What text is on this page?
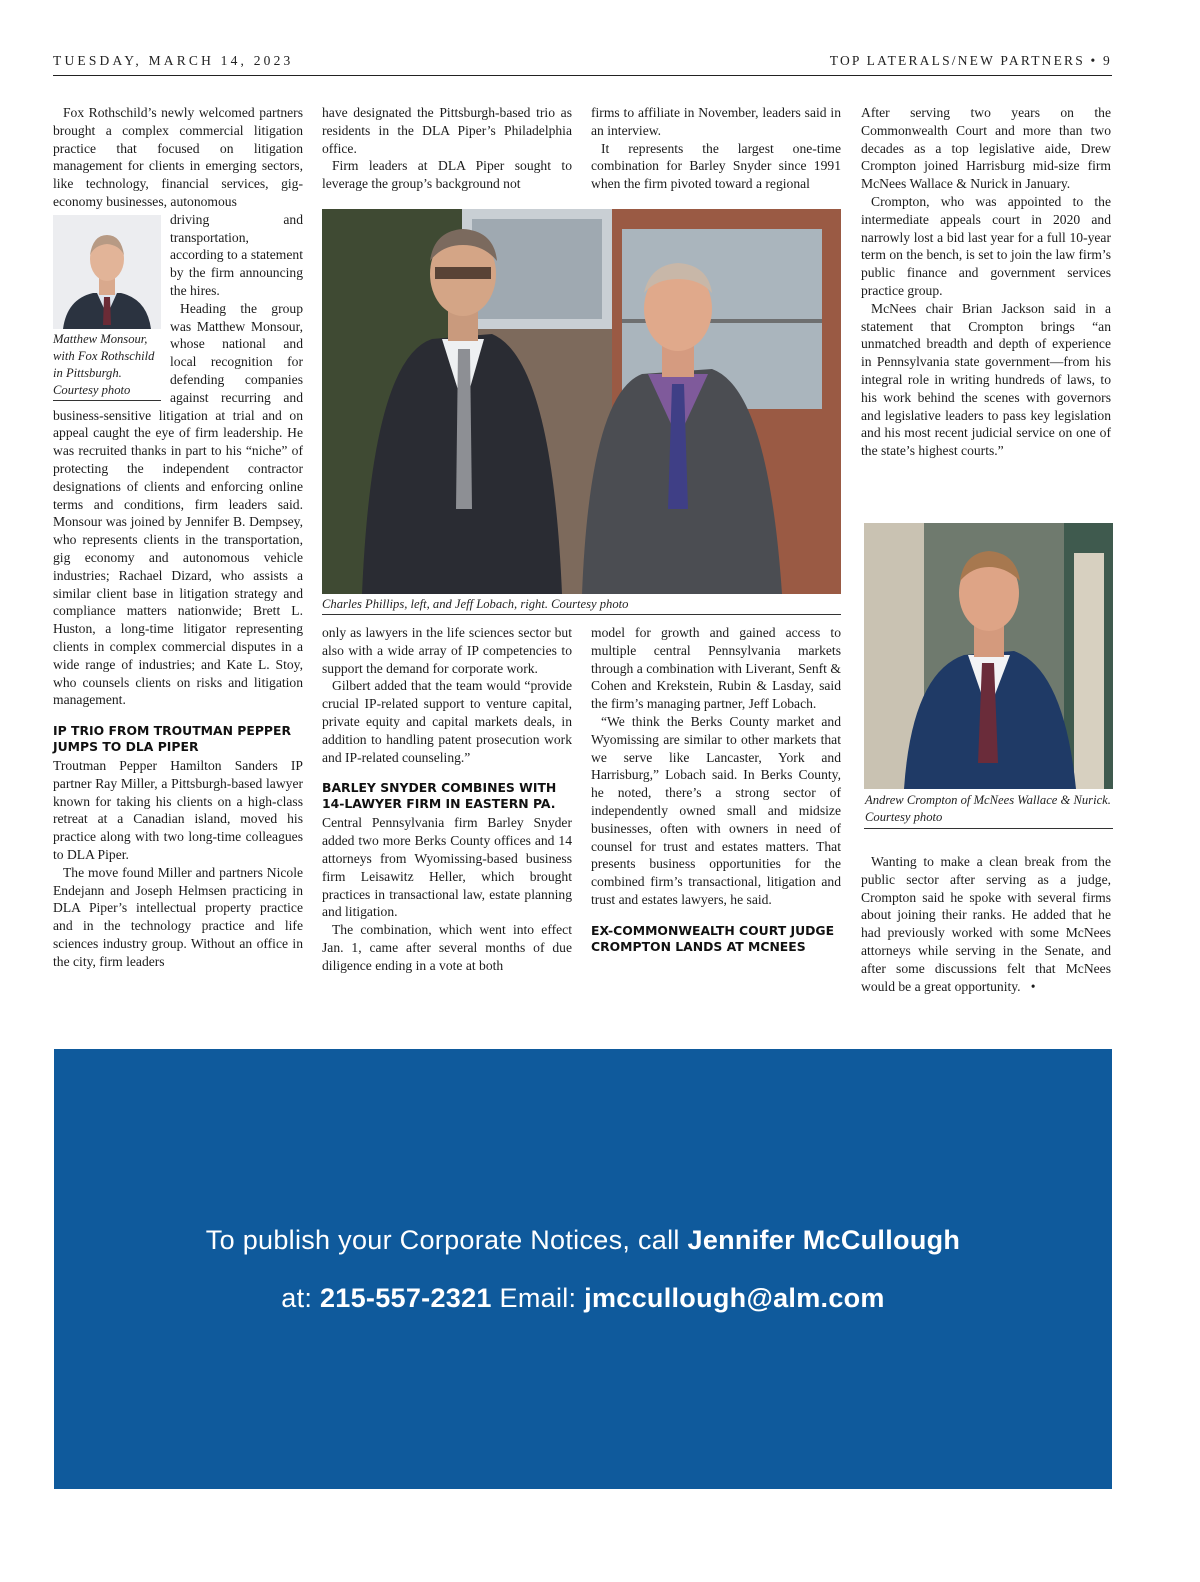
TUESDAY, MARCH 14, 2023	TOP LATERALS/NEW PARTNERS • 9

Fox Rothschild’s newly welcomed partners brought a complex commercial litigation practice that focused on litigation management for clients in emerging sectors, like technology, financial services, gig-economy businesses, autonomous

Matthew Monsour, with Fox Rothschild in Pittsburgh. Courtesy photo

driving and transportation, according to a statement by the firm announcing the hires.

Heading the group was Matthew Monsour, whose national and local recognition for defending companies against recurring and business-sensitive litigation at trial and on appeal caught the eye of firm leadership. He was recruited thanks in part to his “niche” of protecting the independent contractor designations of clients and enforcing online terms and conditions, firm leaders said. Monsour was joined by Jennifer B. Dempsey, who represents clients in the transportation, gig economy and autonomous vehicle industries; Rachael Dizard, who assists a similar client base in litigation strategy and compliance matters nationwide; Brett L. Huston, a long-time litigator representing clients in complex commercial disputes in a wide range of industries; and Kate L. Stoy, who counsels clients on risks and litigation management.

IP TRIO FROM TROUTMAN PEPPER JUMPS TO DLA PIPER

Troutman Pepper Hamilton Sanders IP partner Ray Miller, a Pittsburgh-based lawyer known for taking his clients on a high-class retreat at a Canadian island, moved his practice along with two long-time colleagues to DLA Piper.

The move found Miller and partners Nicole Endejann and Joseph Helmsen practicing in DLA Piper’s intellectual property practice and in the technology practice and life sciences industry group. Without an office in the city, firm leaders

have designated the Pittsburgh-based trio as residents in the DLA Piper’s Philadelphia office.

Firm leaders at DLA Piper sought to leverage the group’s background not

firms to affiliate in November, leaders said in an interview.

It represents the largest one-time combination for Barley Snyder since 1991 when the firm pivoted toward a regional

Charles Phillips, left, and Jeff Lobach, right. Courtesy photo

only as lawyers in the life sciences sector but also with a wide array of IP competencies to support the demand for corporate work.

Gilbert added that the team would “provide crucial IP-related support to venture capital, private equity and capital markets deals, in addition to handling patent prosecution work and IP-related counseling.”

BARLEY SNYDER COMBINES WITH 14-LAWYER FIRM IN EASTERN PA.

Central Pennsylvania firm Barley Snyder added two more Berks County offices and 14 attorneys from Wyomissing-based business firm Leisawitz Heller, which brought practices in transactional law, estate planning and litigation.

The combination, which went into effect Jan. 1, came after several months of due diligence ending in a vote at both

model for growth and gained access to multiple central Pennsylvania markets through a combination with Liverant, Senft & Cohen and Krekstein, Rubin & Lasday, said the firm’s managing partner, Jeff Lobach.

“We think the Berks County market and Wyomissing are similar to other markets that we serve like Lancaster, York and Harrisburg,” Lobach said. In Berks County, he noted, there’s a strong sector of independently owned small and midsize businesses, often with owners in need of counsel for trust and estates matters. That presents business opportunities for the combined firm’s transactional, litigation and trust and estates lawyers, he said.

EX-COMMONWEALTH COURT JUDGE CROMPTON LANDS AT MCNEES

After serving two years on the Commonwealth Court and more than two decades as a top legislative aide, Drew Crompton joined Harrisburg mid-size firm McNees Wallace & Nurick in January.

Crompton, who was appointed to the intermediate appeals court in 2020 and narrowly lost a bid last year for a full 10-year term on the bench, is set to join the law firm’s public finance and government services practice group.

McNees chair Brian Jackson said in a statement that Crompton brings “an unmatched breadth and depth of experience in Pennsylvania state government—from his integral role in writing hundreds of laws, to his work behind the scenes with governors and legislative leaders to pass key legislation and his most recent judicial service on one of the state’s highest courts.”

Andrew Crompton of McNees Wallace & Nurick. Courtesy photo

Wanting to make a clean break from the public sector after serving as a judge, Crompton said he spoke with several firms about joining their ranks. He added that he had previously worked with some McNees attorneys while serving in the Senate, and after some discussions felt that McNees would be a great opportunity. •

To publish your Corporate Notices, call Jennifer McCullough
at: 215-557-2321 Email: jmccullough@alm.com
